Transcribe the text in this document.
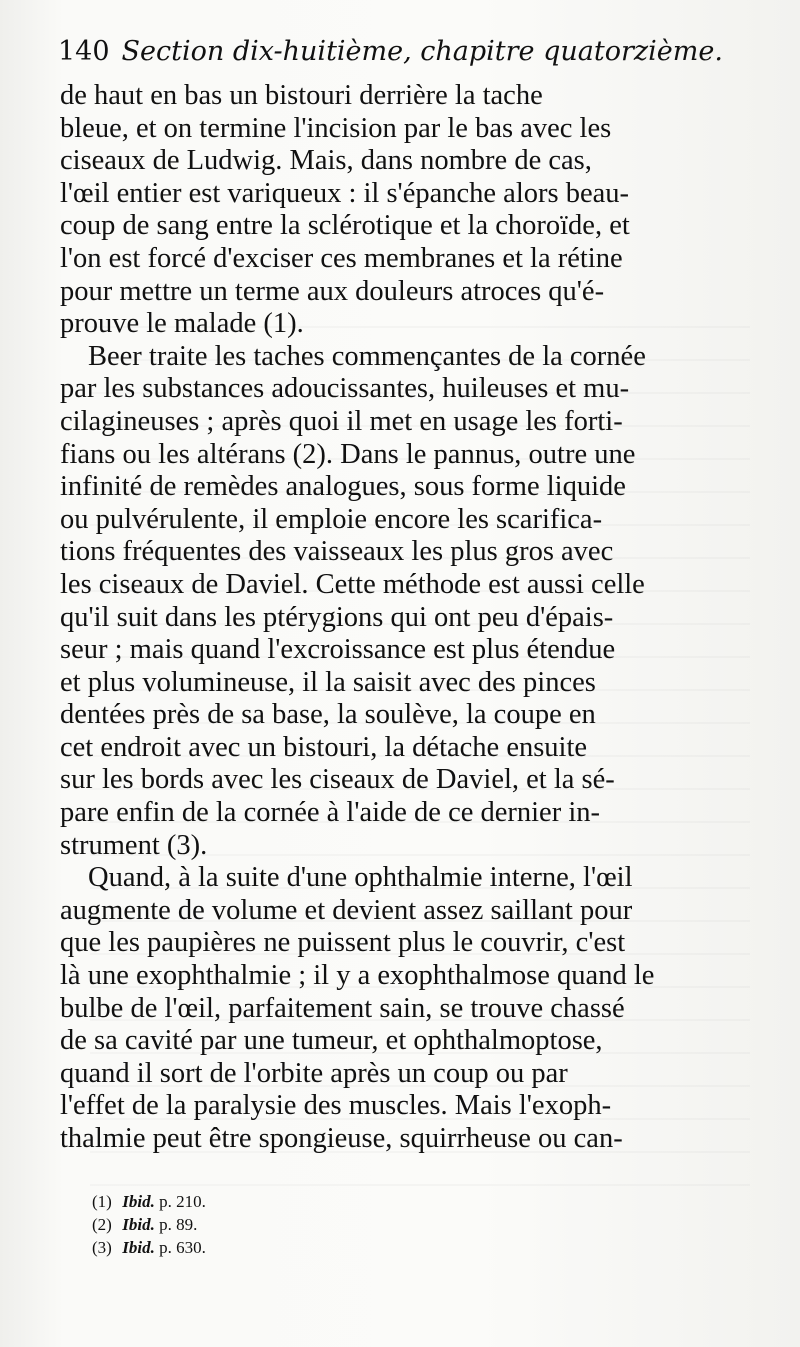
140 Section dix-huitième, chapitre quatorzième.
de haut en bas un bistouri derrière la tache
bleue, et on termine l'incision par le bas avec les
ciseaux de Ludwig. Mais, dans nombre de cas,
l'œil entier est variqueux : il s'épanche alors beau-
coup de sang entre la sclérotique et la choroïde, et
l'on est forcé d'exciser ces membranes et la rétine
pour mettre un terme aux douleurs atroces qu'é-
prouve le malade (1).
Beer traite les taches commençantes de la cornée
par les substances adoucissantes, huileuses et mu-
cilagineuses ; après quoi il met en usage les forti-
fians ou les altérans (2). Dans le pannus, outre une
infinité de remèdes analogues, sous forme liquide
ou pulvérulente, il emploie encore les scarifica-
tions fréquentes des vaisseaux les plus gros avec
les ciseaux de Daviel. Cette méthode est aussi celle
qu'il suit dans les ptérygions qui ont peu d'épais-
seur ; mais quand l'excroissance est plus étendue
et plus volumineuse, il la saisit avec des pinces
dentées près de sa base, la soulève, la coupe en
cet endroit avec un bistouri, la détache ensuite
sur les bords avec les ciseaux de Daviel, et la sé-
pare enfin de la cornée à l'aide de ce dernier in-
strument (3).
Quand, à la suite d'une ophthalmie interne, l'œil
augmente de volume et devient assez saillant pour
que les paupières ne puissent plus le couvrir, c'est
là une exophthalmie ; il y a exophthalmose quand le
bulbe de l'œil, parfaitement sain, se trouve chassé
de sa cavité par une tumeur, et ophthalmoptose,
quand il sort de l'orbite après un coup ou par
l'effet de la paralysie des muscles. Mais l'exoph-
thalmie peut être spongieuse, squirrheuse ou can-
(1) Ibid. p. 210.
(2) Ibid. p. 89.
(3) Ibid. p. 630.
